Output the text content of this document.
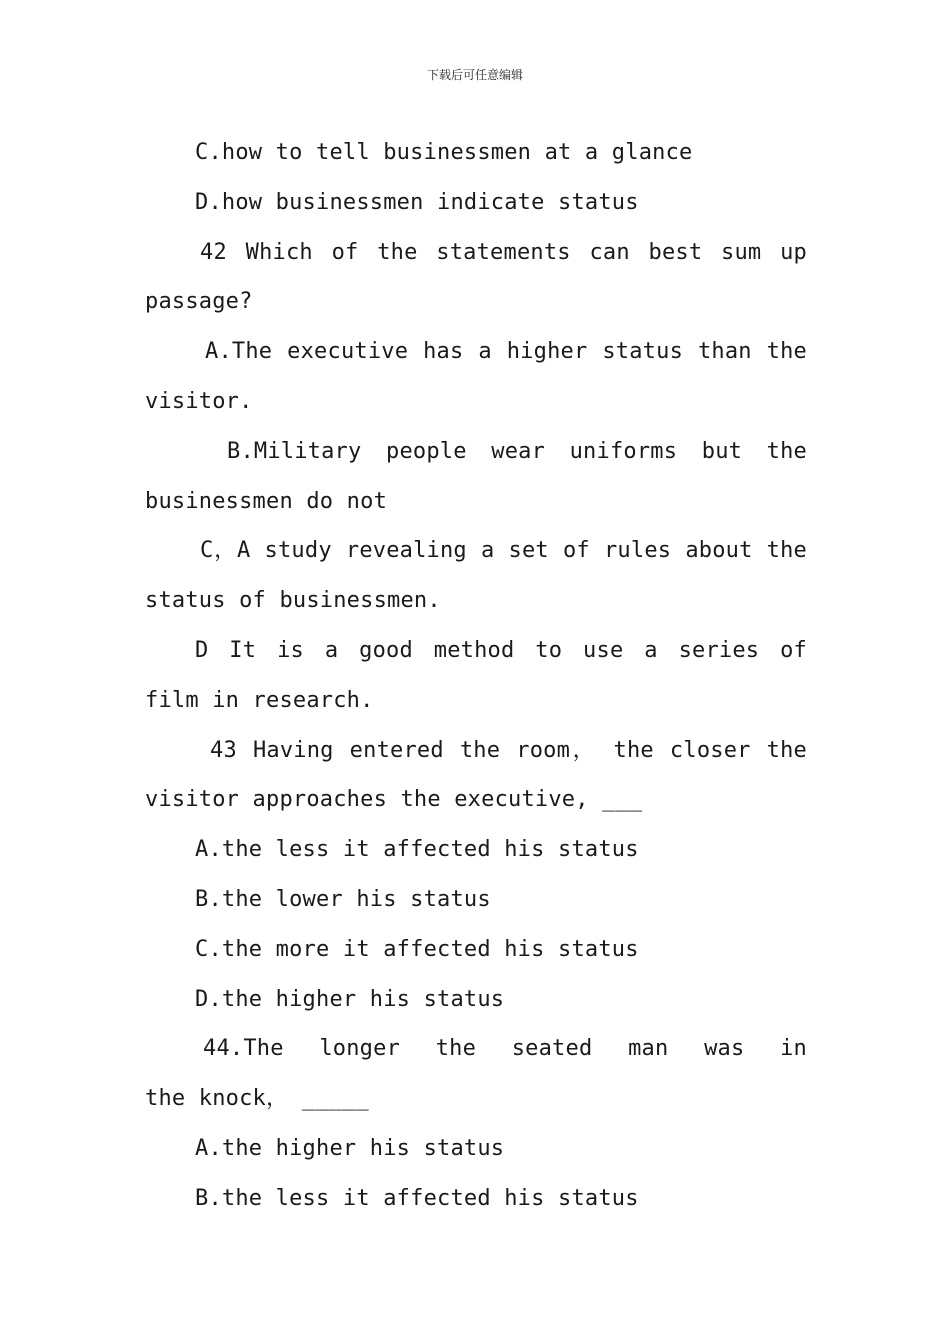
下载后可任意编辑
C.how to tell businessmen at a glance
D.how businessmen indicate status
42 Which of the statements can best sum up
passage?
A.The executive has a higher status than the
visitor.
B.Military people wear uniforms but the
businessmen do not
C，A study revealing a set of rules about the
status of businessmen.
D It is a good method to use a series of
film in research.
43 Having entered the room， the closer the
visitor approaches the executive, ___
A.the less it affected his status
B.the lower his status
C.the more it affected his status
D.the higher his status
44.The longer the seated man was in
the knock， _____
A.the higher his status
B.the less it affected his status
